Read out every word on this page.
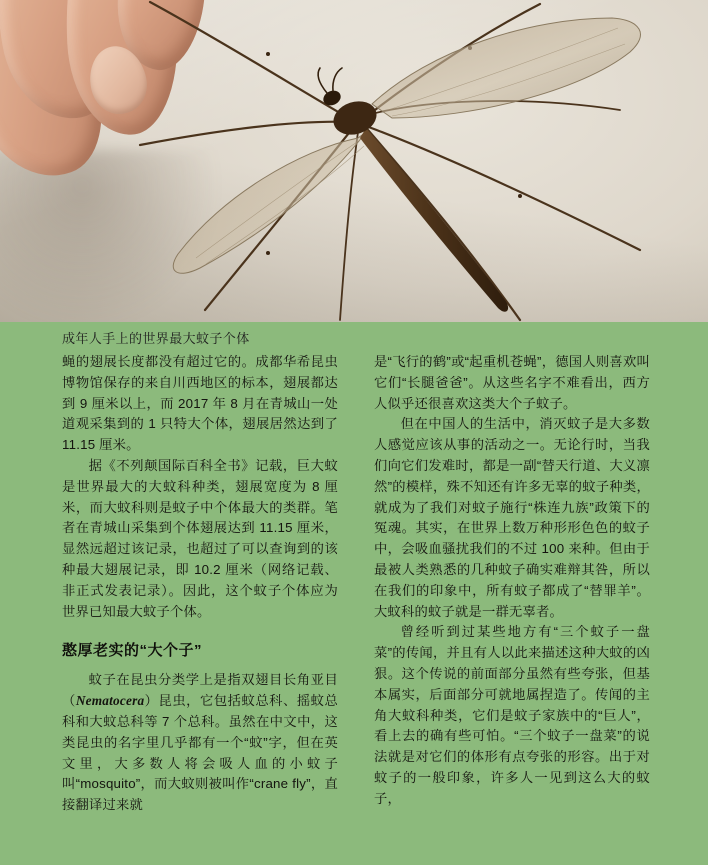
成年人手上的世界最大蚊子个体

蝇的翅展长度都没有超过它的。成都华希昆虫博物馆保存的来自川西地区的标本，翅展都达到 9 厘米以上，而 2017 年 8 月在青城山一处道观采集到的 1 只特大个体，翅展居然达到了 11.15 厘米。

据《不列颠国际百科全书》记载，巨大蚊是世界最大的大蚊科种类，翅展宽度为 8 厘米，而大蚊科则是蚊子中个体最大的类群。笔者在青城山采集到个体翅展达到 11.15 厘米，显然远超过该记录，也超过了可以查询到的该种最大翅展记录，即 10.2 厘米（网络记载、非正式发表记录）。因此，这个蚊子个体应为世界已知最大蚊子个体。

憨厚老实的“大个子”

蚊子在昆虫分类学上是指双翅目长角亚目（Nematocera）昆虫，它包括蚊总科、摇蚊总科和大蚊总科等 7 个总科。虽然在中文中，这类昆虫的名字里几乎都有一个“蚊”字，但在英文里，大多数人将会吸人血的小蚊子叫“mosquito”，而大蚊则被叫作“crane fly”，直接翻译过来就

是“飞行的鹤”或“起重机苍蝇”，德国人则喜欢叫它们“长腿爸爸”。从这些名字不难看出，西方人似乎还很喜欢这类大个子蚊子。

但在中国人的生活中，消灭蚊子是大多数人感觉应该从事的活动之一。无论行时，当我们向它们发难时，都是一副“替天行道、大义凛然”的模样，殊不知还有许多无辜的蚊子种类，就成为了我们对蚊子施行“株连九族”政策下的冤魂。其实，在世界上数万种形形色色的蚊子中，会吸血骚扰我们的不过 100 来种。但由于最被人类熟悉的几种蚊子确实难辩其咎，所以在我们的印象中，所有蚊子都成了“替罪羊”。大蚊科的蚊子就是一群无辜者。

曾经听到过某些地方有“三个蚊子一盘菜”的传闻，并且有人以此来描述这种大蚊的凶狠。这个传说的前面部分虽然有些夸张，但基本属实，后面部分可就地属捏造了。传闻的主角大蚊科种类，它们是蚊子家族中的“巨人”，看上去的确有些可怕。“三个蚊子一盘菜”的说法就是对它们的体形有点夸张的形容。出于对蚊子的一般印象，许多人一见到这么大的蚊子，
